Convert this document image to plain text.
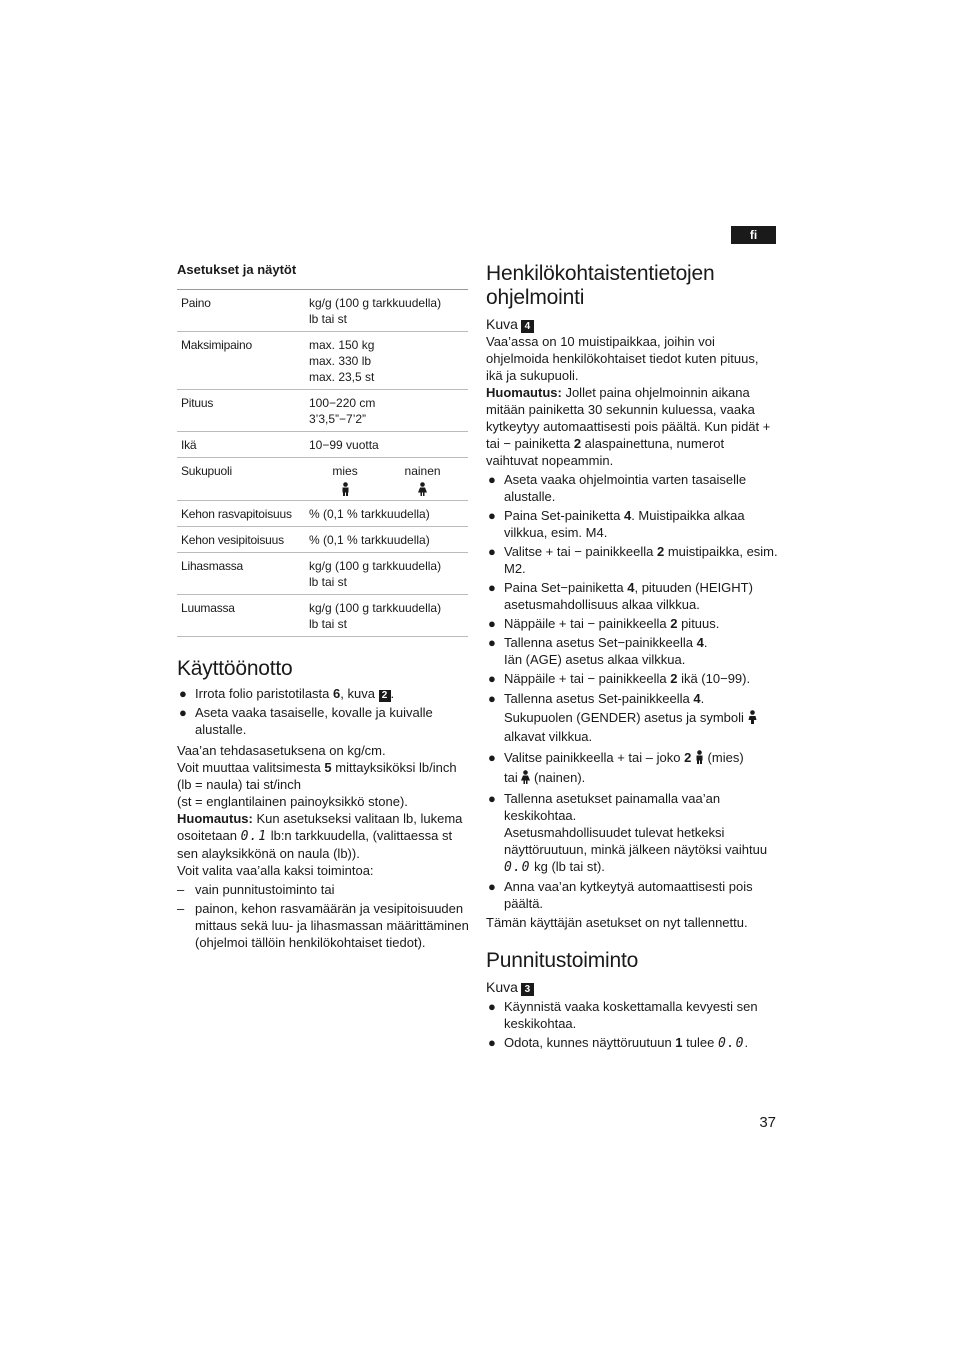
fi
Asetukset ja näytöt
Paino	kg/g (100 g tarkkuudella)
lb tai st
Maksimipaino	max. 150 kg
max. 330 lb
max. 23,5 st
Pituus	100−220 cm
3’3,5”−7’2”
Ikä	10−99 vuotta
Sukupuoli	mies nainen

Kehon rasvapitoisuus	% (0,1 % tarkkuudella)
Kehon vesipitoisuus	% (0,1 % tarkkuudella)
Lihasmassa	kg/g (100 g tarkkuudella)
lb tai st
Luumassa	kg/g (100 g tarkkuudella)
lb tai st
Käyttöönotto
● Irrota folio paristotilasta 6, kuva 2 .
● Aseta vaaka tasaiselle, kovalle ja kuivalle alustalle.

Vaa’an tehdasasetuksena on kg/cm.

Voit muuttaa valitsimesta 5 mittayksiköksi lb/inch (lb = naula) tai st/inch

(st = englantilainen painoyksikkö stone).

Huomautus: Kun asetukseksi valitaan lb, lukema osoitetaan 0.1 lb:n tarkkuudella, (valittaessa st sen alayksikkönä on naula (lb)).

Voit valita vaa’alla kaksi toimintoa:

– vain punnitustoiminto tai
– painon, kehon rasvamäärän ja vesipitoisuuden mittaus sekä luu- ja lihasmassan määrittäminen (ohjelmoi tällöin henkilökohtaiset tiedot).
Henkilökohtaistentietojen ohjelmointi
Kuva 4

Vaa’assa on 10 muistipaikkaa, joihin voi ohjelmoida henkilökohtaiset tiedot kuten pituus, ikä ja sukupuoli.

Huomautus: Jollet paina ohjelmoinnin aikana mitään painiketta 30 sekunnin kuluessa, vaaka kytkeytyy automaattisesti pois päältä. Kun pidät + tai − painiketta 2 alaspainettuna, numerot vaihtuvat nopeammin.

● Aseta vaaka ohjelmointia varten tasaiselle alustalle.
● Paina Set-painiketta 4. Muistipaikka alkaa vilkkua, esim. M4.
● Valitse + tai − painikkeella 2 muistipaikka, esim. M2.
● Paina Set−painiketta 4, pituuden (HEIGHT) asetusmahdollisuus alkaa vilkkua.
● Näppäile + tai − painikkeella 2 pituus.
● Tallenna asetus Set−painikkeella 4.
Iän (AGE) asetus alkaa vilkkua.
● Näppäile + tai − painikkeella 2 ikä (10−99).
● Tallenna asetus Set-painikkeella 4.
Sukupuolen (GENDER) asetus ja symboli
alkavat vilkkua.
● Valitse painikkeella + tai – joko 2 (mies)
tai (nainen).
● Tallenna asetukset painamalla vaa’an keskikohtaa.
Asetusmahdollisuudet tulevat hetkeksi näyttöruutuun, minkä jälkeen näytöksi vaihtuu 0.0 kg (lb tai st).
● Anna vaa’an kytkeytyä automaattisesti pois päältä.

Tämän käyttäjän asetukset on nyt tallennettu.

Punnitustoiminto
Kuva 3
● Käynnistä vaaka koskettamalla kevyesti sen keskikohtaa.
● Odota, kunnes näyttöruutuun 1 tulee 0.0.
37
